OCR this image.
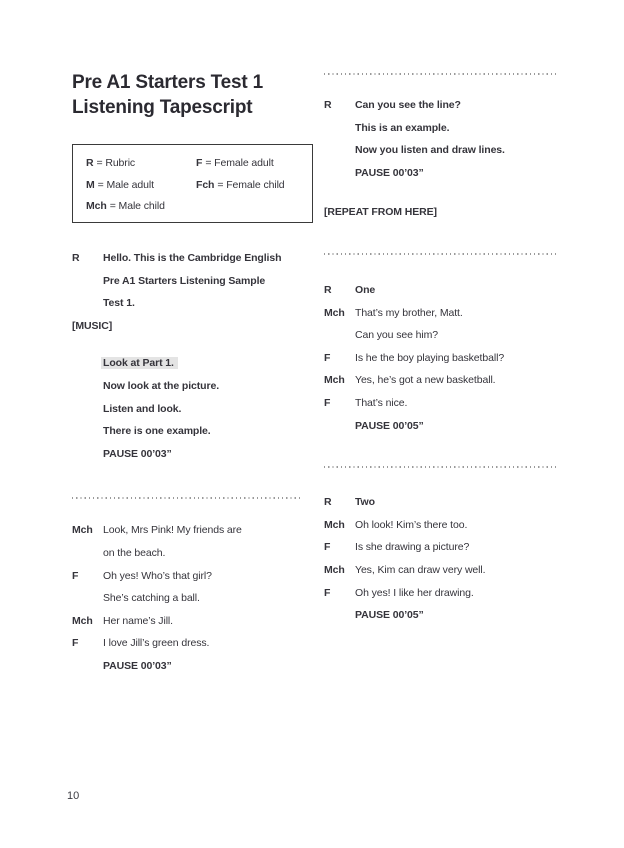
Pre A1 Starters Test 1
Listening Tapescript
R = Rubric	F = Female adult
M = Male adult	Fch = Female child
Mch = Male child
R	Hello. This is the Cambridge English
Pre A1 Starters Listening Sample
Test 1.
[MUSIC]
Look at Part 1.
Now look at the picture.
Listen and look.
There is one example.
PAUSE 00’03”
Mch Look, Mrs Pink! My friends are
on the beach.
F	Oh yes! Who’s that girl?
She’s catching a ball.
Mch Her name’s Jill.
F	I love Jill’s green dress.
PAUSE 00’03”
R	Can you see the line?
This is an example.
Now you listen and draw lines.
PAUSE 00’03”
[REPEAT FROM HERE]
R	One
Mch That’s my brother, Matt.
Can you see him?
F	Is he the boy playing basketball?
Mch Yes, he’s got a new basketball.
F	That’s nice.
PAUSE 00’05”
R	Two
Mch Oh look! Kim’s there too.
F	Is she drawing a picture?
Mch Yes, Kim can draw very well.
F	Oh yes! I like her drawing.
PAUSE 00’05”
10
